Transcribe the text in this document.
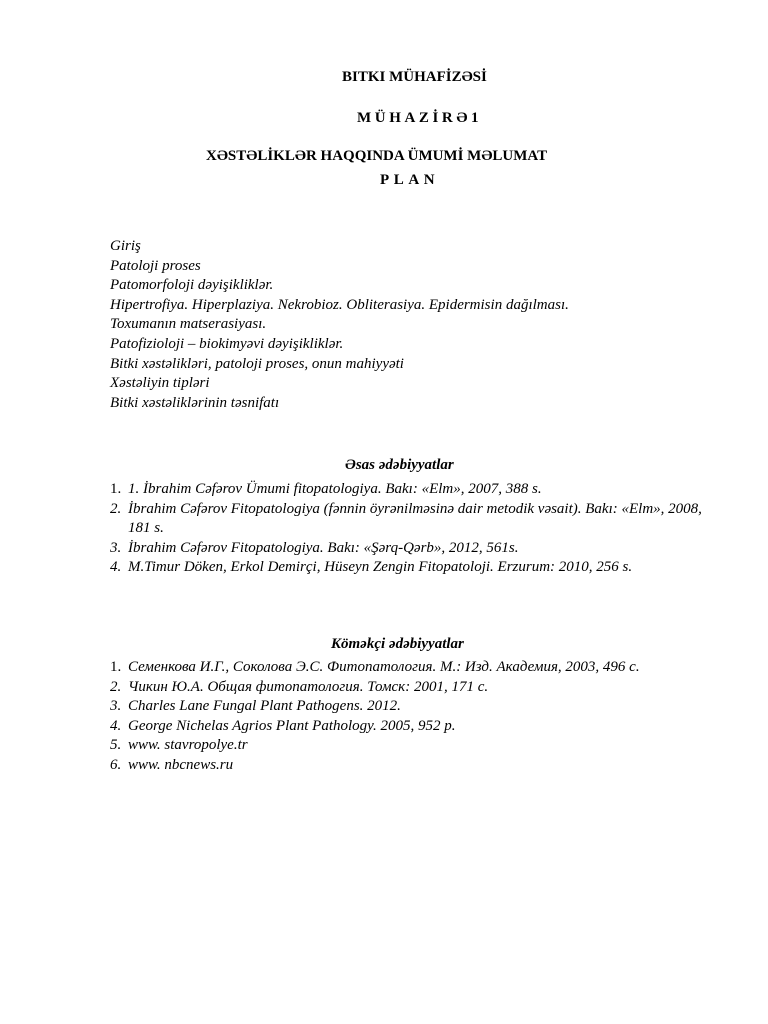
BITKI MÜHAFİZƏSİ
MÜHAZİRƏ1
XƏSTƏLİKLƏR HAQQINDA ÜMUMİ MƏLUMAT
PLAN
Giriş
Patoloji proses
Patomorfoloji dəyişikliklər.
Hipertrofiya. Hiperplaziya. Nekrobioz. Obliterasiya. Epidermisin dağılması.
Toxumanın matserasiyası.
Patofizioloji – biokimyəvi dəyişikliklər.
Bitki xəstəlikləri, patoloji proses, onun mahiyyəti
Xəstəliyin tipləri
Bitki xəstəliklərinin təsnifatı
Əsas ədəbiyyatlar
1. 1. İbrahim Cəfərov Ümumi fitopatologiya. Bakı: «Elm», 2007, 388 s.
2. İbrahim Cəfərov Fitopatologiya (fənnin öyrənilməsinə dair metodik vəsait). Bakı: «Elm», 2008, 181 s.
3. İbrahim Cəfərov Fitopatologiya. Bakı: «Şərq-Qərb», 2012, 561s.
4. M.Timur Döken, Erkol Demirçi, Hüseyn Zengin Fitopatoloji. Erzurum: 2010, 256 s.
Köməkçi ədəbiyyatlar
1. Семенкова И.Г., Соколова Э.С. Фитопатология. М.: Изд. Академия, 2003, 496 с.
2. Чикин Ю.А. Общая фитопатология. Томск: 2001, 171 с.
3. Charles Lane Fungal Plant Pathogens. 2012.
4. George Nichelas Agrios Plant Pathology. 2005, 952 p.
5. www. stavropolye.tr
6. www. nbcnews.ru
